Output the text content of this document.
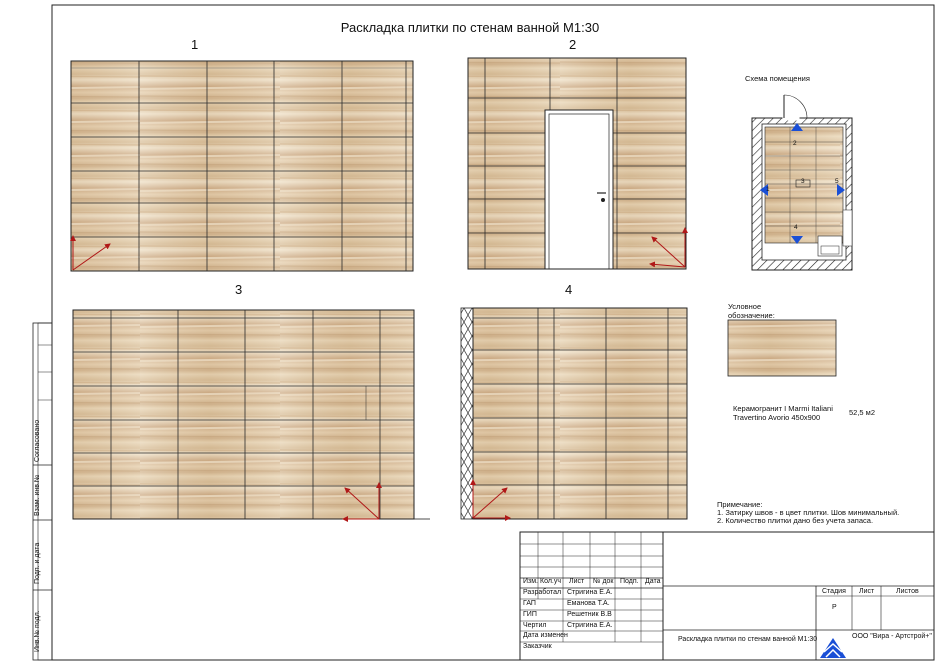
Раскладка плитки по стенам ванной М1:30
1	2
3	4
Схема помещения
2
3
1
4
5
Условное
обозначение:
Керамогранит I Marmi Italiani
Travertino Avorio 450х900
52,5 м2
Примечание:
1. Затирку швов - в цвет плитки. Шов минимальный.
2. Количество плитки дано без учета запаса.
Согласовано
Взам. инв.№
Подп. и дата
Инв.№ подл.
Изм. Кол.уч Лист № док Подп. Дата
Разработал Стригина Е.А.
ГАП	Еманова Т.А.
ГИП	Решетник В.В
Чертил	Стригина Е.А.
Дата изменен
Заказчик
Стадия Лист	Листов
Р
Раскладка плитки по стенам ванной М1:30	ООО "Вира - Артстрой+"
